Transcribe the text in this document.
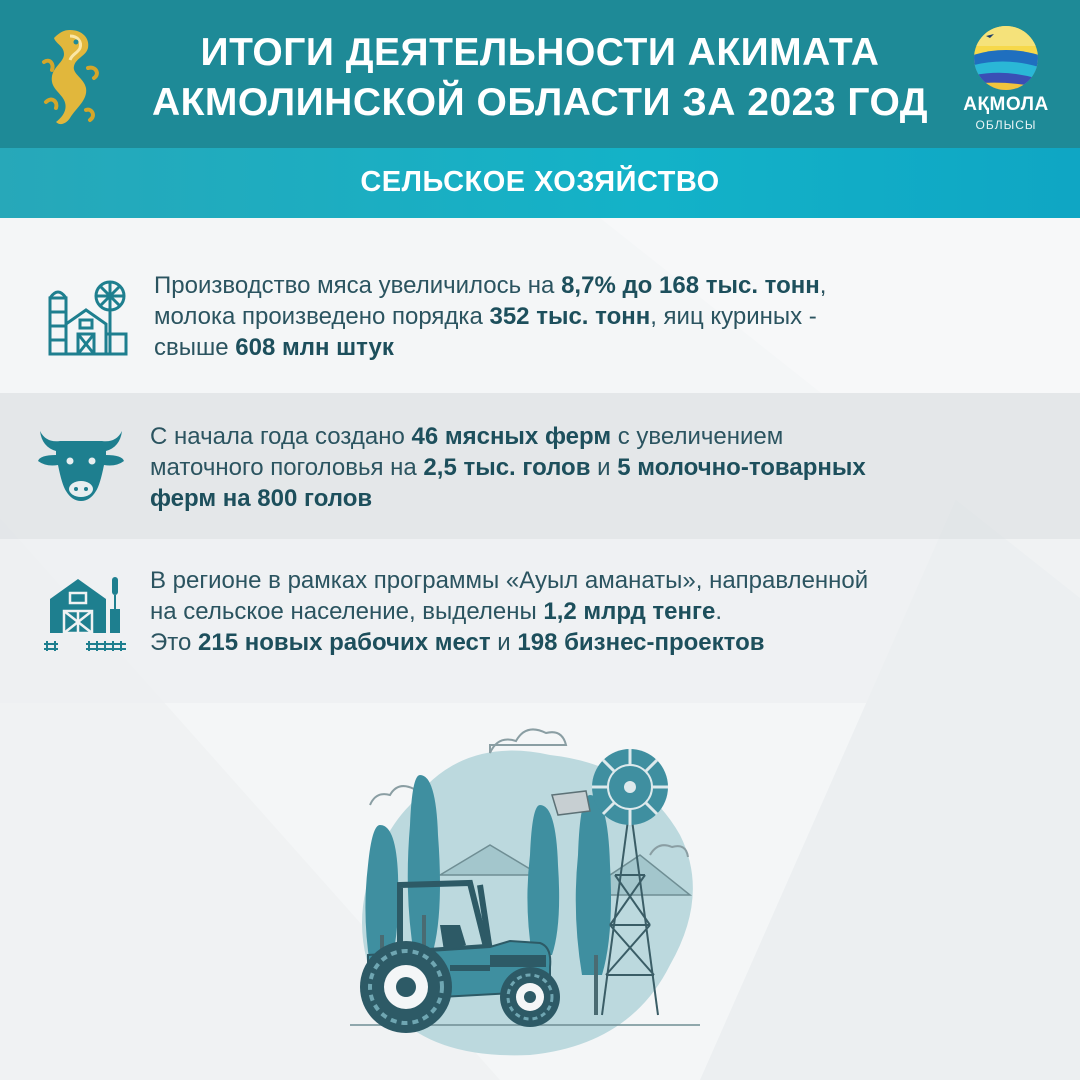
ИТОГИ ДЕЯТЕЛЬНОСТИ АКИМАТА
АКМОЛИНСКОЙ ОБЛАСТИ ЗА 2023 ГОД	АҚМОЛА
ОБЛЫСЫ
СЕЛЬСКОЕ ХОЗЯЙСТВО
Производство мяса увеличилось на 8,7% до 168 тыс. тонн,
молока произведено порядка 352 тыс. тонн, яиц куриных -
свыше 608 млн штук
С начала года создано 46 мясных ферм с увеличением
маточного поголовья на 2,5 тыс. голов и 5 молочно-товарных
ферм на 800 голов
В регионе в рамках программы «Ауыл аманаты», направленной
на сельское население, выделены 1,2 млрд тенге.
Это 215 новых рабочих мест и 198 бизнес-проектов
